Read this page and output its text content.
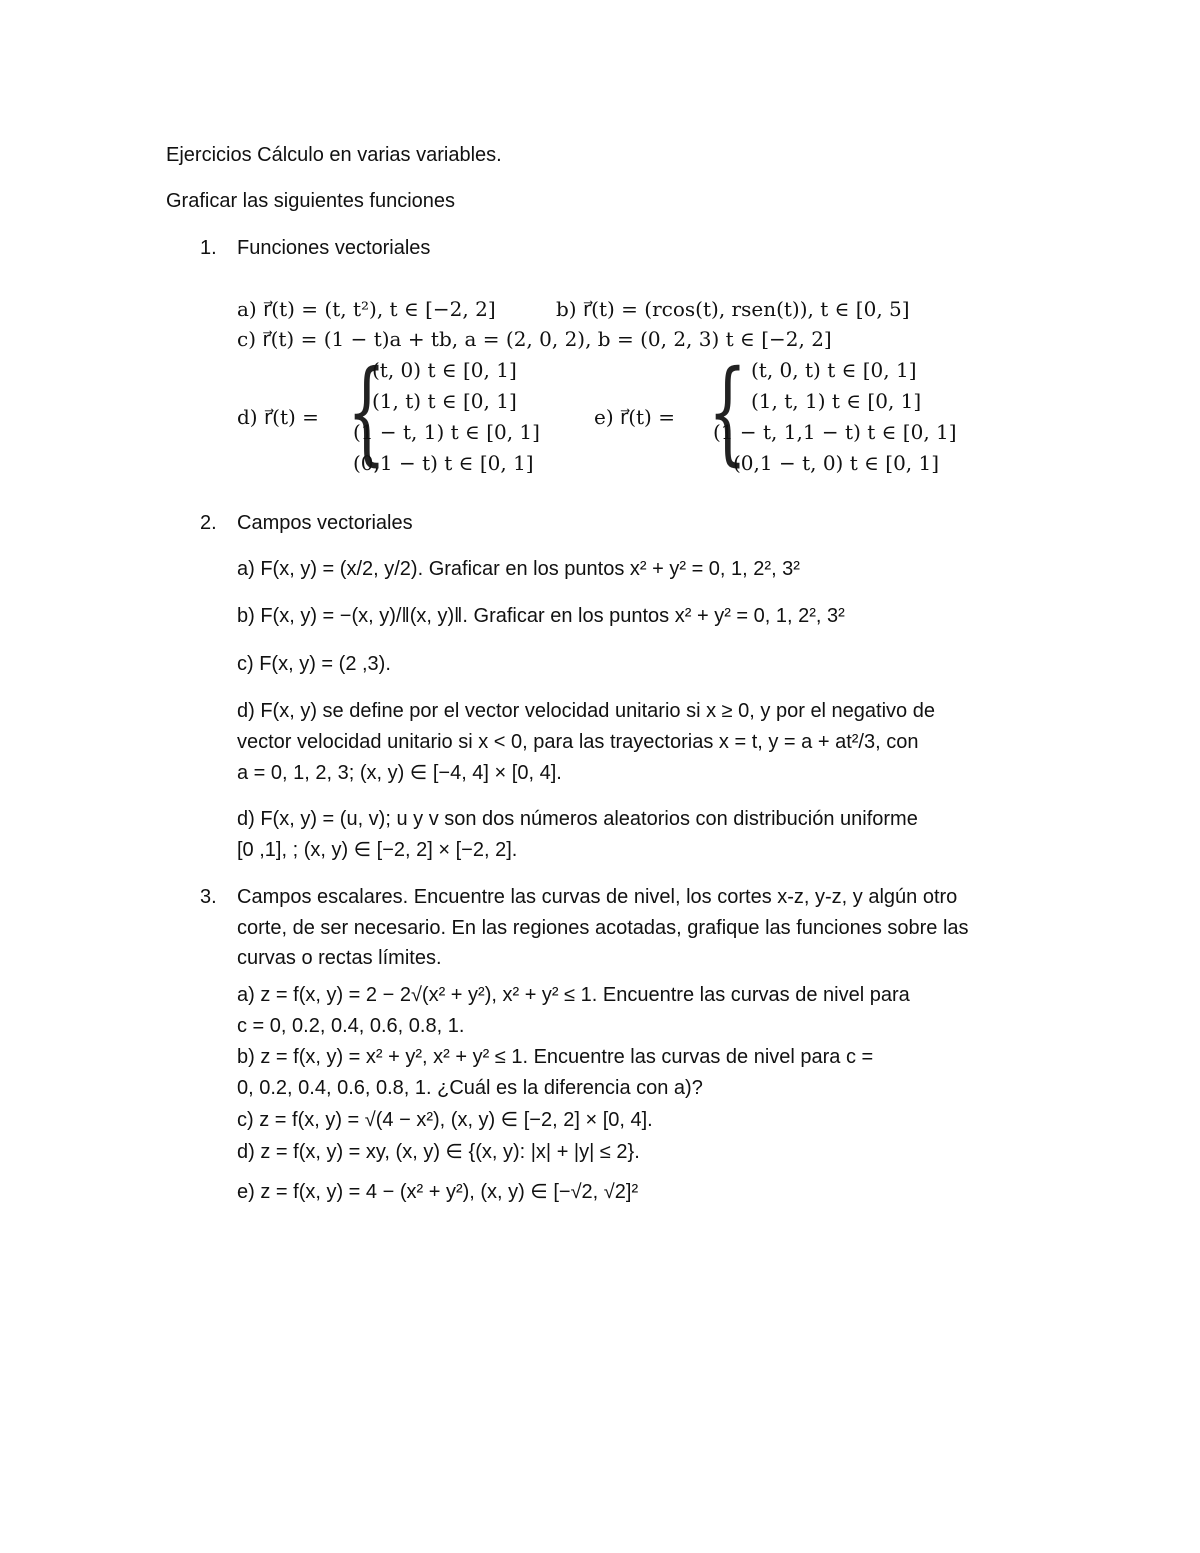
Ejercicios Cálculo en varias variables.
Graficar las siguientes funciones
1. Funciones vectoriales
a) r⃗(t) = (t, t²), t ∈ [−2, 2]	b) r⃗(t) = (rcos(t), rsen(t)), t ∈ [0, 5]
c) r⃗(t) = (1 − t)a + tb, a = (2, 0, 2), b = (0, 2, 3) t ∈ [−2, 2]
d) r⃗(t) = {
(t, 0) t ∈ [0, 1]
(1, t) t ∈ [0, 1]
(1 − t, 1) t ∈ [0, 1]
(0,1 − t) t ∈ [0, 1]
e) r⃗(t) = { (t, 0, t) t ∈ [0, 1]
(1, t, 1) t ∈ [0, 1]
(1 − t, 1,1 − t) t ∈ [0, 1]
(0,1 − t, 0) t ∈ [0, 1]
2. Campos vectoriales
a) F(x, y) = (x/2, y/2). Graficar en los puntos x² + y² = 0, 1, 2², 3²
b) F(x, y) = −(x, y)/‖(x, y)‖. Graficar en los puntos x² + y² = 0, 1, 2², 3²
c) F(x, y) = (2 ,3).
d) F(x, y) se define por el vector velocidad unitario si x ≥ 0, y por el negativo de
vector velocidad unitario si x < 0, para las trayectorias x = t, y = a + at²/3, con
a = 0, 1, 2, 3; (x, y) ∈ [−4, 4] × [0, 4].
d) F(x, y) = (u, v); u y v son dos números aleatorios con distribución uniforme
[0 ,1], ; (x, y) ∈ [−2, 2] × [−2, 2].
3. Campos escalares. Encuentre las curvas de nivel, los cortes x-z, y-z, y algún otro
corte, de ser necesario. En las regiones acotadas, grafique las funciones sobre las
curvas o rectas límites.
a) z = f(x, y) = 2 − 2√(x² + y²), x² + y² ≤ 1. Encuentre las curvas de nivel para
c = 0, 0.2, 0.4, 0.6, 0.8, 1.
b) z = f(x, y) = x² + y², x² + y² ≤ 1. Encuentre las curvas de nivel para c =
0, 0.2, 0.4, 0.6, 0.8, 1. ¿Cuál es la diferencia con a)?
c) z = f(x, y) = √(4 − x²), (x, y) ∈ [−2, 2] × [0, 4].
d) z = f(x, y) = xy, (x, y) ∈ {(x, y): |x| + |y| ≤ 2}.
e) z = f(x, y) = 4 − (x² + y²), (x, y) ∈ [−√2, √2]²
